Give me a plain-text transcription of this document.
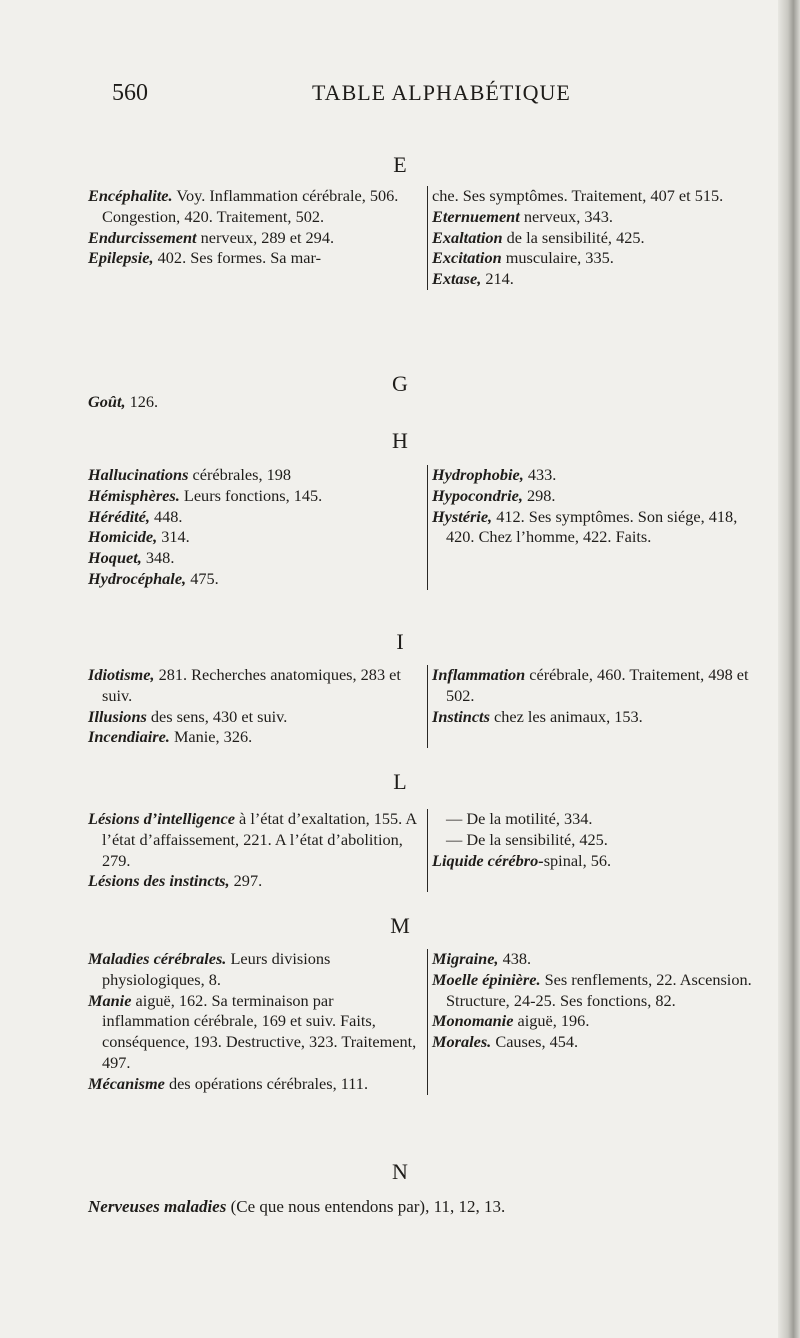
560	TABLE ALPHABÉTIQUE
E
Encéphalite. Voy. Inflammation cérébrale, 506. Congestion, 420. Traitement, 502.
Endurcissement nerveux, 289 et 294.
Epilepsie, 402. Ses formes. Sa mar-
che. Ses symptômes. Traitement, 407 et 515.
Eternuement nerveux, 343.
Exaltation de la sensibilité, 425.
Excitation musculaire, 335.
Extase, 214.
G
Goût, 126.
H
Hallucinations cérébrales, 198
Hémisphères. Leurs fonctions, 145.
Hérédité, 448.
Homicide, 314.
Hoquet, 348.
Hydrocéphale, 475.
Hydrophobie, 433.
Hypocondrie, 298.
Hystérie, 412. Ses symptômes. Son siége, 418, 420. Chez l’homme, 422. Faits.
I
Idiotisme, 281. Recherches anatomiques, 283 et suiv.
Illusions des sens, 430 et suiv.
Incendiaire. Manie, 326.
Inflammation cérébrale, 460. Traitement, 498 et 502.
Instincts chez les animaux, 153.
L
Lésions d’intelligence à l’état d’exaltation, 155. A l’état d’affaissement, 221. A l’état d’abolition, 279.
Lésions des instincts, 297.
— De la motilité, 334.
— De la sensibilité, 425.
Liquide cérébro-spinal, 56.
M
Maladies cérébrales. Leurs divisions physiologiques, 8.
Manie aiguë, 162. Sa terminaison par inflammation cérébrale, 169 et suiv. Faits, conséquence, 193. Destructive, 323. Traitement, 497.
Mécanisme des opérations cérébrales, 111.
Migraine, 438.
Moelle épinière. Ses renflements, 22. Ascension. Structure, 24-25. Ses fonctions, 82.
Monomanie aiguë, 196.
Morales. Causes, 454.
N
Nerveuses maladies (Ce que nous entendons par), 11, 12, 13.
